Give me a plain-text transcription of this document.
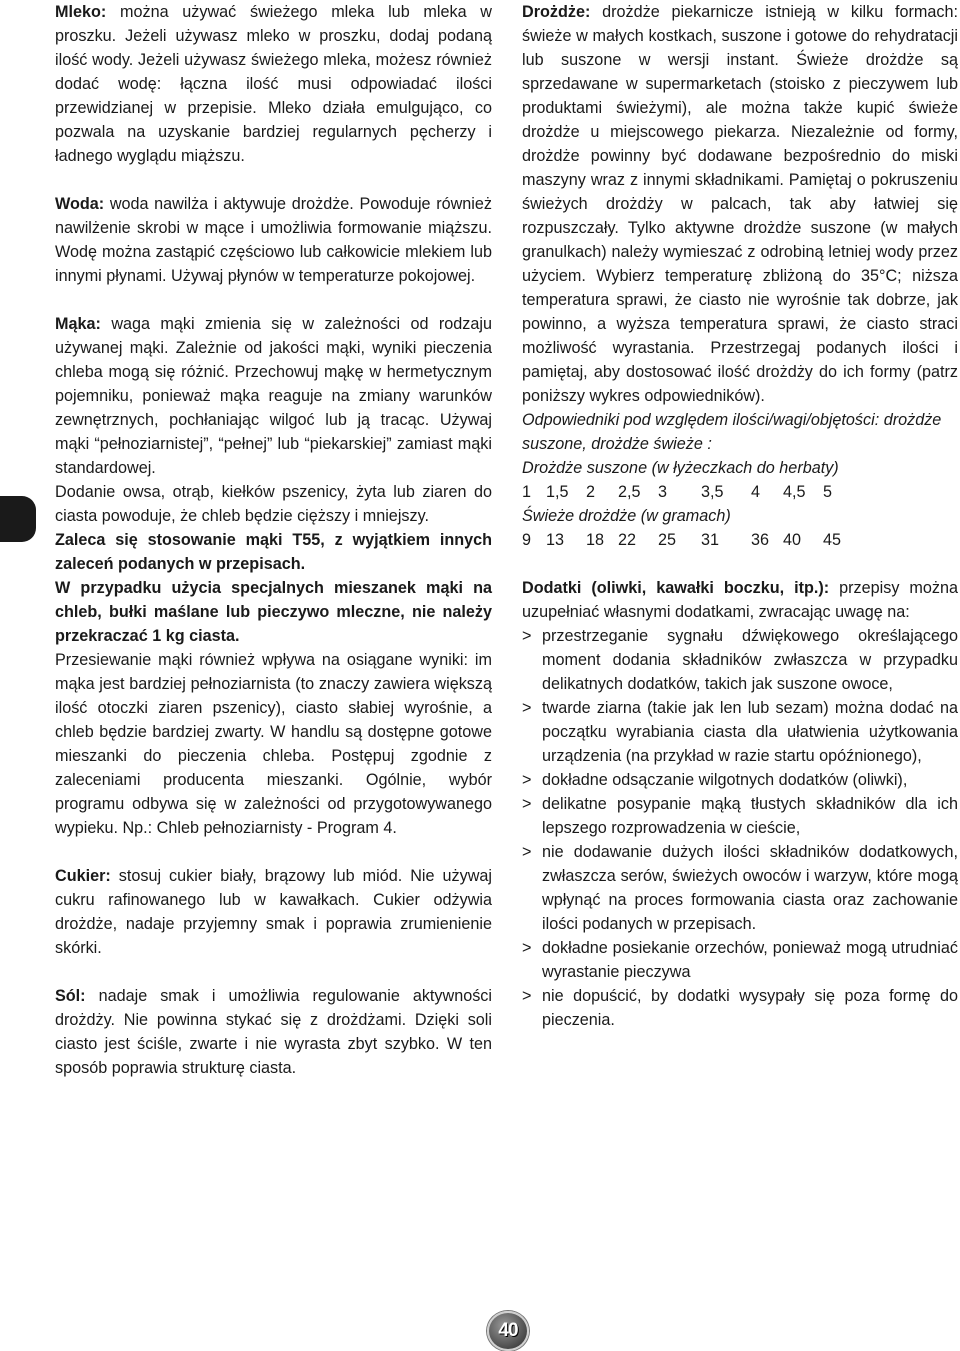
Mleko: można używać świeżego mleka lub mleka w proszku. Jeżeli używasz mleko w proszku, dodaj podaną ilość wody. Jeżeli używasz świeżego mleka, możesz również dodać wodę: łączna ilość musi odpowiadać ilości przewidzianej w przepisie. Mleko działa emulgująco, co pozwala na uzyskanie bardziej regularnych pęcherzy i ładnego wyglądu miąższu.

Woda: woda nawilża i aktywuje drożdże. Powoduje również nawilżenie skrobi w mące i umożliwia formowanie miąższu. Wodę można zastąpić częściowo lub całkowicie mlekiem lub innymi płynami. Używaj płynów w temperaturze pokojowej.

Mąka: waga mąki zmienia się w zależności od rodzaju używanej mąki. Zależnie od jakości mąki, wyniki pieczenia chleba mogą się różnić. Przechowuj mąkę w hermetycznym pojemniku, ponieważ mąka reaguje na zmiany warunków zewnętrznych, pochłaniając wilgoć lub ją tracąc. Używaj mąki “pełnoziarnistej”, “pełnej” lub “piekarskiej” zamiast mąki standardowej.

Dodanie owsa, otrąb, kiełków pszenicy, żyta lub ziaren do ciasta powoduje, że chleb będzie cięższy i mniejszy.

Zaleca się stosowanie mąki T55, z wyjątkiem innych zaleceń podanych w przepisach.

W przypadku użycia specjalnych mieszanek mąki na chleb, bułki maślane lub pieczywo mleczne, nie należy przekraczać 1 kg ciasta.

Przesiewanie mąki również wpływa na osiągane wyniki: im mąka jest bardziej pełnoziarnista (to znaczy zawiera większą ilość otoczki ziaren pszenicy), ciasto słabiej wyrośnie, a chleb będzie bardziej zwarty. W handlu są dostępne gotowe mieszanki do pieczenia chleba. Postępuj zgodnie z zaleceniami producenta mieszanki. Ogólnie, wybór programu odbywa się w zależności od przygotowywanego wypieku. Np.: Chleb pełnoziarnisty - Program 4.

Cukier: stosuj cukier biały, brązowy lub miód. Nie używaj cukru rafinowanego lub w kawałkach. Cukier odżywia drożdże, nadaje przyjemny smak i poprawia zrumienienie skórki.

Sól: nadaje smak i umożliwia regulowanie aktywności drożdży. Nie powinna stykać się z drożdżami. Dzięki soli ciasto jest ściśle, zwarte i nie wyrasta zbyt szybko. W ten sposób poprawia strukturę ciasta.

Drożdże: drożdże piekarnicze istnieją w kilku formach: świeże w małych kostkach, suszone i gotowe do rehydratacji lub suszone w wersji instant. Świeże drożdże są sprzedawane w supermarketach (stoisko z pieczywem lub produktami świeżymi), ale można także kupić świeże drożdże u miejscowego piekarza. Niezależnie od formy, drożdże powinny być dodawane bezpośrednio do miski maszyny wraz z innymi składnikami. Pamiętaj o pokruszeniu świeżych drożdży w palcach, tak aby łatwiej się rozpuszczały. Tylko aktywne drożdże suszone (w małych granulkach) należy wymieszać z odrobiną letniej wody przez użyciem. Wybierz temperaturę zbliżoną do 35°C; niższa temperatura sprawi, że ciasto nie wyrośnie tak dobrze, jak powinno, a wyższa temperatura sprawi, że ciasto straci możliwość wyrastania. Przestrzegaj podanych ilości i pamiętaj, aby dostosować ilość drożdży do ich formy (patrz poniższy wykres odpowiedników).

Odpowiedniki pod względem ilości/wagi/objętości: drożdże suszone, drożdże świeże :

Drożdże suszone (w łyżeczkach do herbaty)

1 1,5	2	2,5	3	3,5	4	4,5	5

Świeże drożdże (w gramach)

9 13	18 22	25	31	36 40	45

Dodatki (oliwki, kawałki boczku, itp.): przepisy można uzupełniać własnymi dodatkami, zwracając uwagę na:

> przestrzeganie sygnału dźwiękowego określającego moment dodania składników zwłaszcza w przypadku delikatnych dodatków, takich jak suszone owoce,
> twarde ziarna (takie jak len lub sezam) można dodać na początku wyrabiania ciasta dla ułatwienia użytkowania urządzenia (na przykład w razie startu opóźnionego),
> dokładne odsączanie wilgotnych dodatków (oliwki),
> delikatne posypanie mąką tłustych składników dla ich lepszego rozprowadzenia w cieście,
> nie dodawanie dużych ilości składników dodatkowych, zwłaszcza serów, świeżych owoców i warzyw, które mogą wpłynąć na proces formowania ciasta oraz zachowanie ilości podanych w przepisach.
> dokładne posiekanie orzechów, ponieważ mogą utrudniać wyrastanie pieczywa
> nie dopuścić, by dodatki wysypały się poza formę do pieczenia.
40
